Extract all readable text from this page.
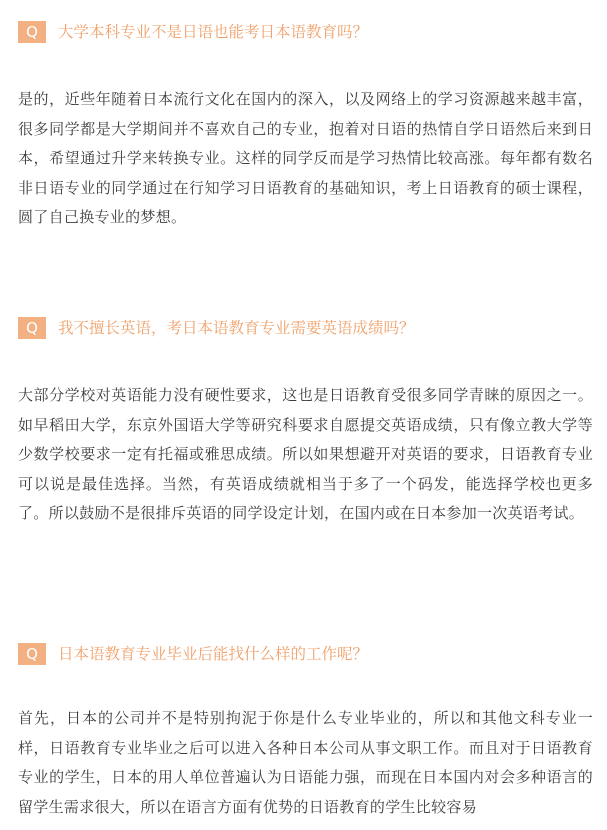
Q	大学本科专业不是日语也能考日本语教育吗？

是的，近些年随着日本流行文化在国内的深入，以及网络上的学习资源越来越丰富，很多同学都是大学期间并不喜欢自己的专业，抱着对日语的热情自学日语然后来到日本，希望通过升学来转换专业。这样的同学反而是学习热情比较高涨。每年都有数名非日语专业的同学通过在行知学习日语教育的基础知识，考上日语教育的硕士课程，圆了自己换专业的梦想。

Q	我不擅长英语，考日本语教育专业需要英语成绩吗？

大部分学校对英语能力没有硬性要求，这也是日语教育受很多同学青睐的原因之一。如早稻田大学，东京外国语大学等研究科要求自愿提交英语成绩，只有像立教大学等少数学校要求一定有托福或雅思成绩。所以如果想避开对英语的要求，日语教育专业可以说是最佳选择。当然，有英语成绩就相当于多了一个码发，能选择学校也更多了。所以鼓励不是很排斥英语的同学设定计划，在国内或在日本参加一次英语考试。

Q	日本语教育专业毕业后能找什么样的工作呢？

首先，日本的公司并不是特别拘泥于你是什么专业毕业的，所以和其他文科专业一样，日语教育专业毕业之后可以进入各种日本公司从事文职工作。而且对于日语教育专业的学生，日本的用人单位普遍认为日语能力强，而现在日本国内对会多种语言的留学生需求很大，所以在语言方面有优势的日语教育的学生比较容易
